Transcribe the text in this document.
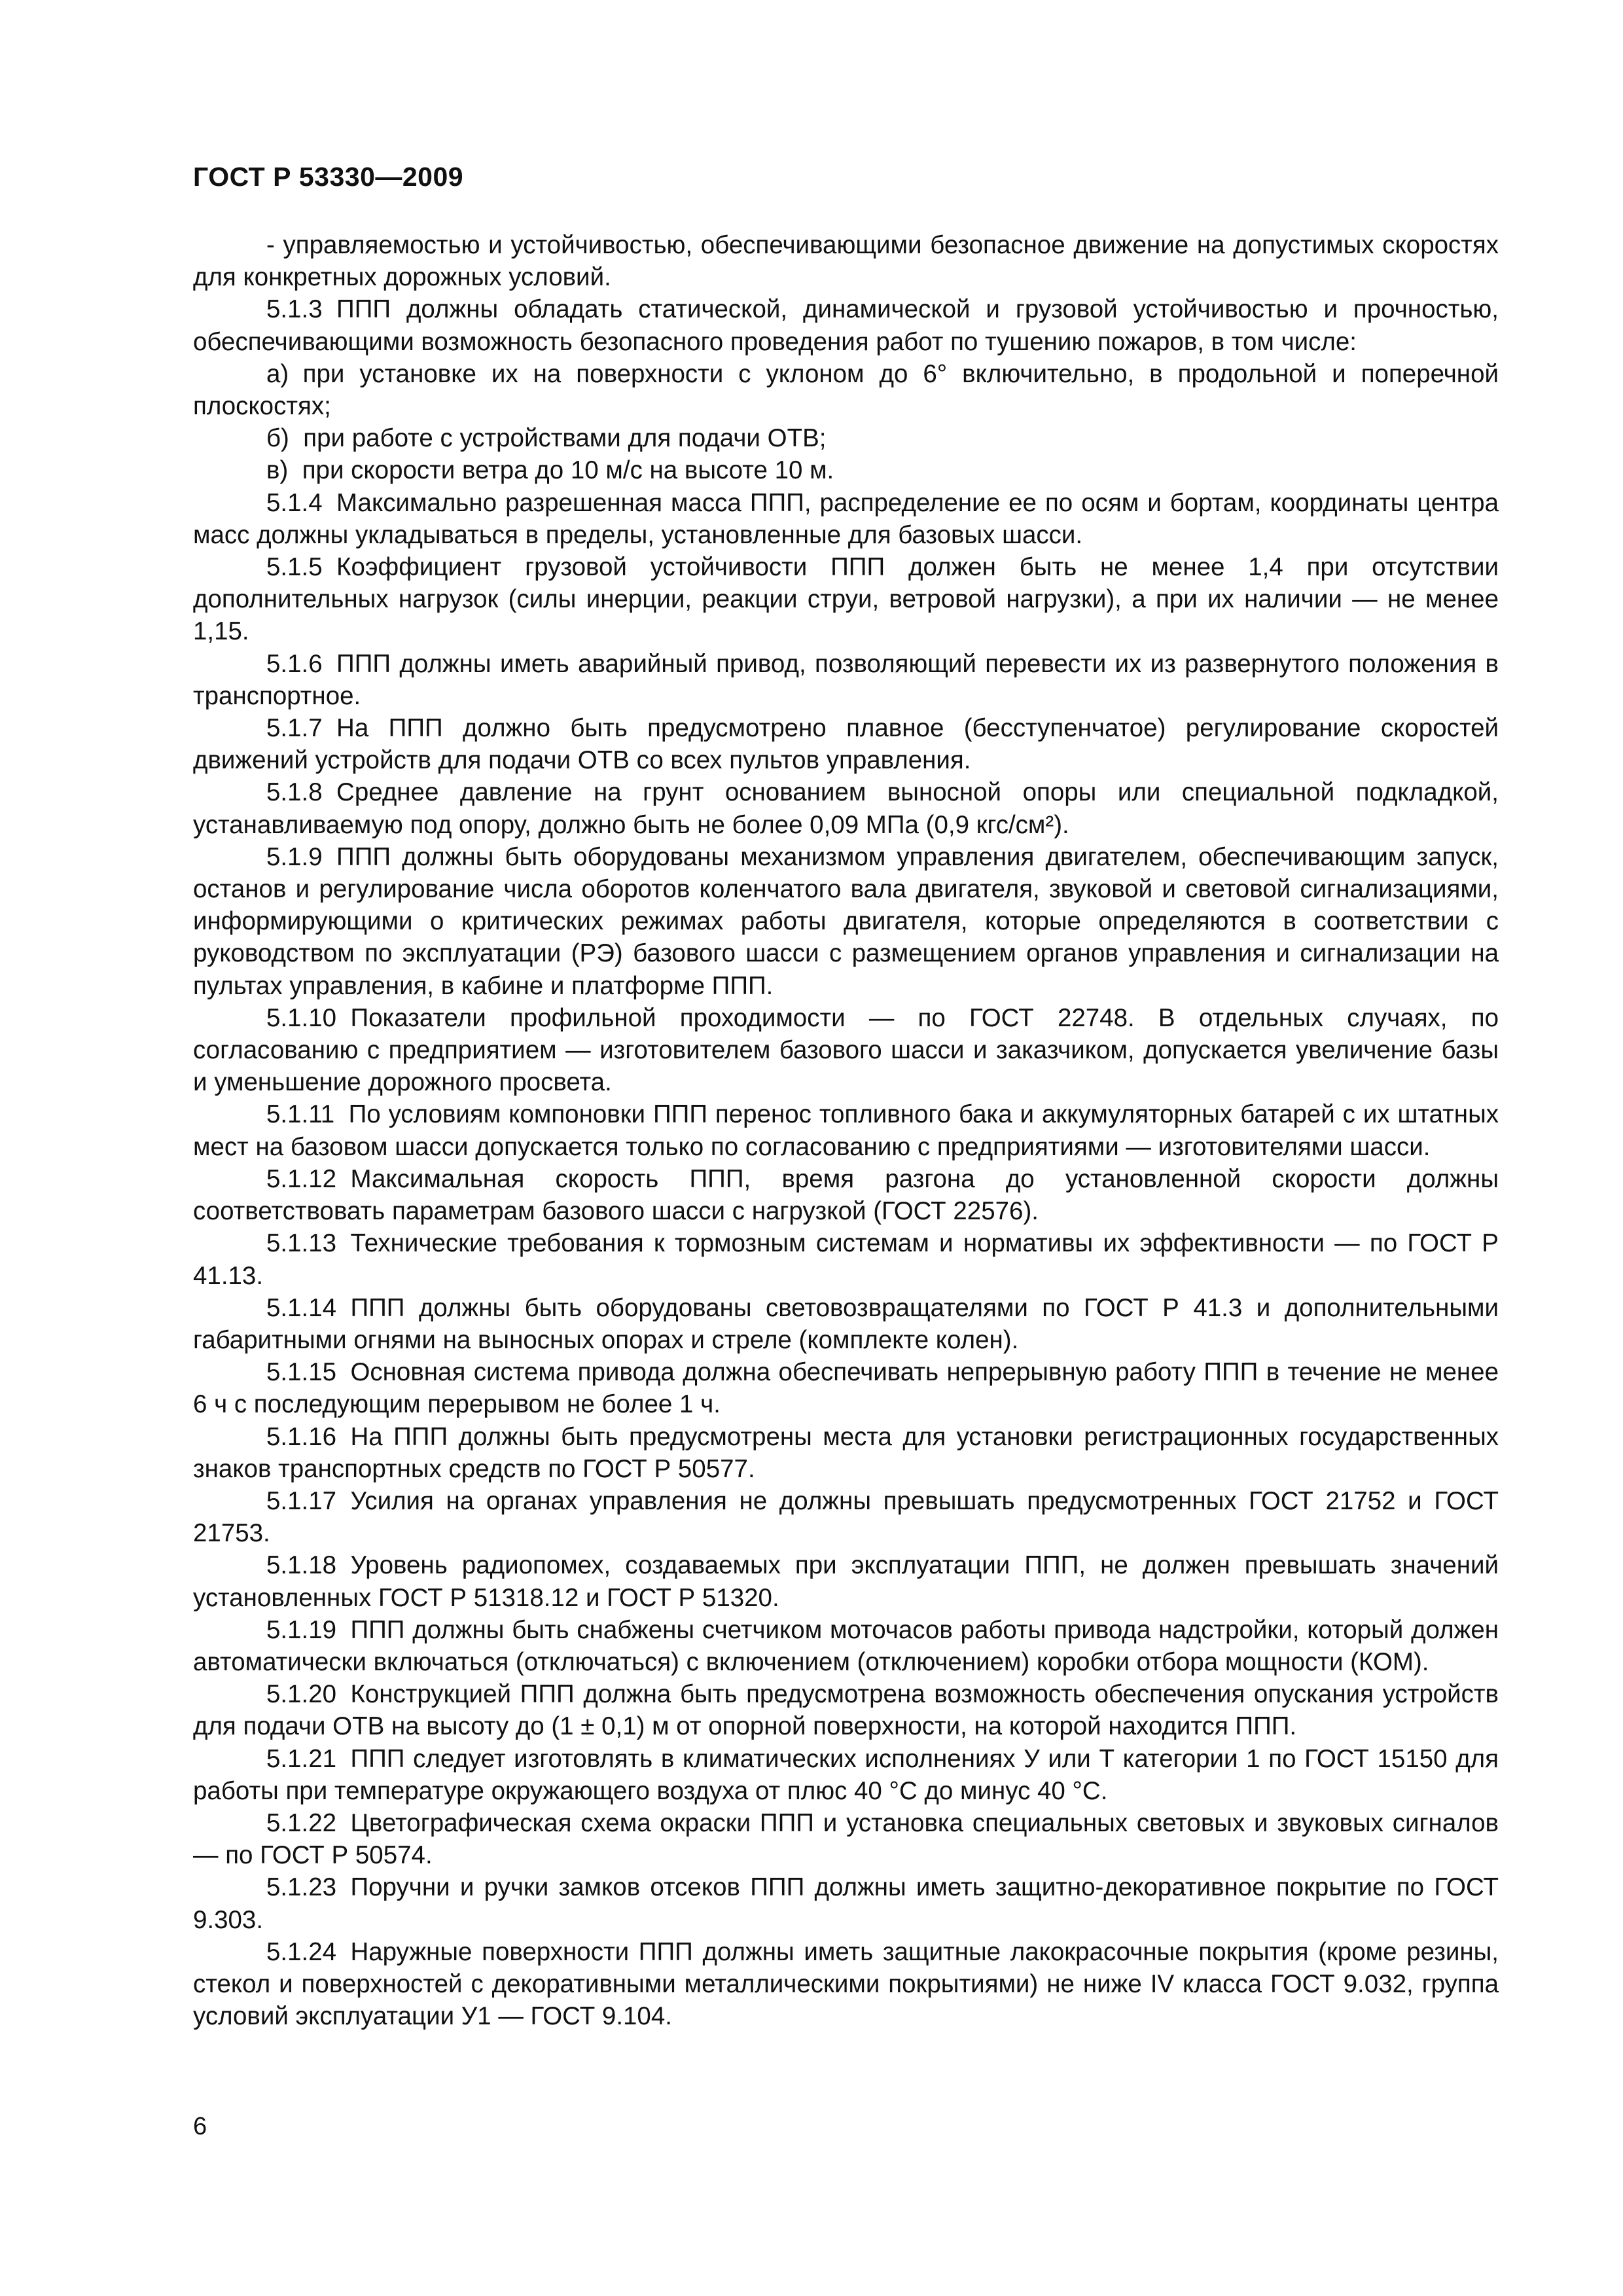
ГОСТ Р 53330—2009

- управляемостью и устойчивостью, обеспечивающими безопасное движение на допустимых скоростях для конкретных дорожных условий.

5.1.3 ППП должны обладать статической, динамической и грузовой устойчивостью и прочностью, обеспечивающими возможность безопасного проведения работ по тушению пожаров, в том числе:

а) при установке их на поверхности с уклоном до 6° включительно, в продольной и поперечной плоскостях;

б) при работе с устройствами для подачи ОТВ;

в) при скорости ветра до 10 м/с на высоте 10 м.

5.1.4 Максимально разрешенная масса ППП, распределение ее по осям и бортам, координаты центра масс должны укладываться в пределы, установленные для базовых шасси.

5.1.5 Коэффициент грузовой устойчивости ППП должен быть не менее 1,4 при отсутствии дополнительных нагрузок (силы инерции, реакции струи, ветровой нагрузки), а при их наличии — не менее 1,15.

5.1.6 ППП должны иметь аварийный привод, позволяющий перевести их из развернутого положения в транспортное.

5.1.7 На ППП должно быть предусмотрено плавное (бесступенчатое) регулирование скоростей движений устройств для подачи ОТВ со всех пультов управления.

5.1.8 Среднее давление на грунт основанием выносной опоры или специальной подкладкой, устанавливаемую под опору, должно быть не более 0,09 МПа (0,9 кгс/см²).

5.1.9 ППП должны быть оборудованы механизмом управления двигателем, обеспечивающим запуск, останов и регулирование числа оборотов коленчатого вала двигателя, звуковой и световой сигнализациями, информирующими о критических режимах работы двигателя, которые определяются в соответствии с руководством по эксплуатации (РЭ) базового шасси с размещением органов управления и сигнализации на пультах управления, в кабине и платформе ППП.

5.1.10 Показатели профильной проходимости — по ГОСТ 22748. В отдельных случаях, по согласованию с предприятием — изготовителем базового шасси и заказчиком, допускается увеличение базы и уменьшение дорожного просвета.

5.1.11 По условиям компоновки ППП перенос топливного бака и аккумуляторных батарей с их штатных мест на базовом шасси допускается только по согласованию с предприятиями — изготовителями шасси.

5.1.12 Максимальная скорость ППП, время разгона до установленной скорости должны соответствовать параметрам базового шасси с нагрузкой (ГОСТ 22576).

5.1.13 Технические требования к тормозным системам и нормативы их эффективности — по ГОСТ Р 41.13.

5.1.14 ППП должны быть оборудованы световозвращателями по ГОСТ Р 41.3 и дополнительными габаритными огнями на выносных опорах и стреле (комплекте колен).

5.1.15 Основная система привода должна обеспечивать непрерывную работу ППП в течение не менее 6 ч с последующим перерывом не более 1 ч.

5.1.16 На ППП должны быть предусмотрены места для установки регистрационных государственных знаков транспортных средств по ГОСТ Р 50577.

5.1.17 Усилия на органах управления не должны превышать предусмотренных ГОСТ 21752 и ГОСТ 21753.

5.1.18 Уровень радиопомех, создаваемых при эксплуатации ППП, не должен превышать значений установленных ГОСТ Р 51318.12 и ГОСТ Р 51320.

5.1.19 ППП должны быть снабжены счетчиком моточасов работы привода надстройки, который должен автоматически включаться (отключаться) с включением (отключением) коробки отбора мощности (КОМ).

5.1.20 Конструкцией ППП должна быть предусмотрена возможность обеспечения опускания устройств для подачи ОТВ на высоту до (1 ± 0,1) м от опорной поверхности, на которой находится ППП.

5.1.21 ППП следует изготовлять в климатических исполнениях У или Т категории 1 по ГОСТ 15150 для работы при температуре окружающего воздуха от плюс 40 °С до минус 40 °С.

5.1.22 Цветографическая схема окраски ППП и установка специальных световых и звуковых сигналов — по ГОСТ Р 50574.

5.1.23 Поручни и ручки замков отсеков ППП должны иметь защитно-декоративное покрытие по ГОСТ 9.303.

5.1.24 Наружные поверхности ППП должны иметь защитные лакокрасочные покрытия (кроме резины, стекол и поверхностей с декоративными металлическими покрытиями) не ниже IV класса ГОСТ 9.032, группа условий эксплуатации У1 — ГОСТ 9.104.

6
